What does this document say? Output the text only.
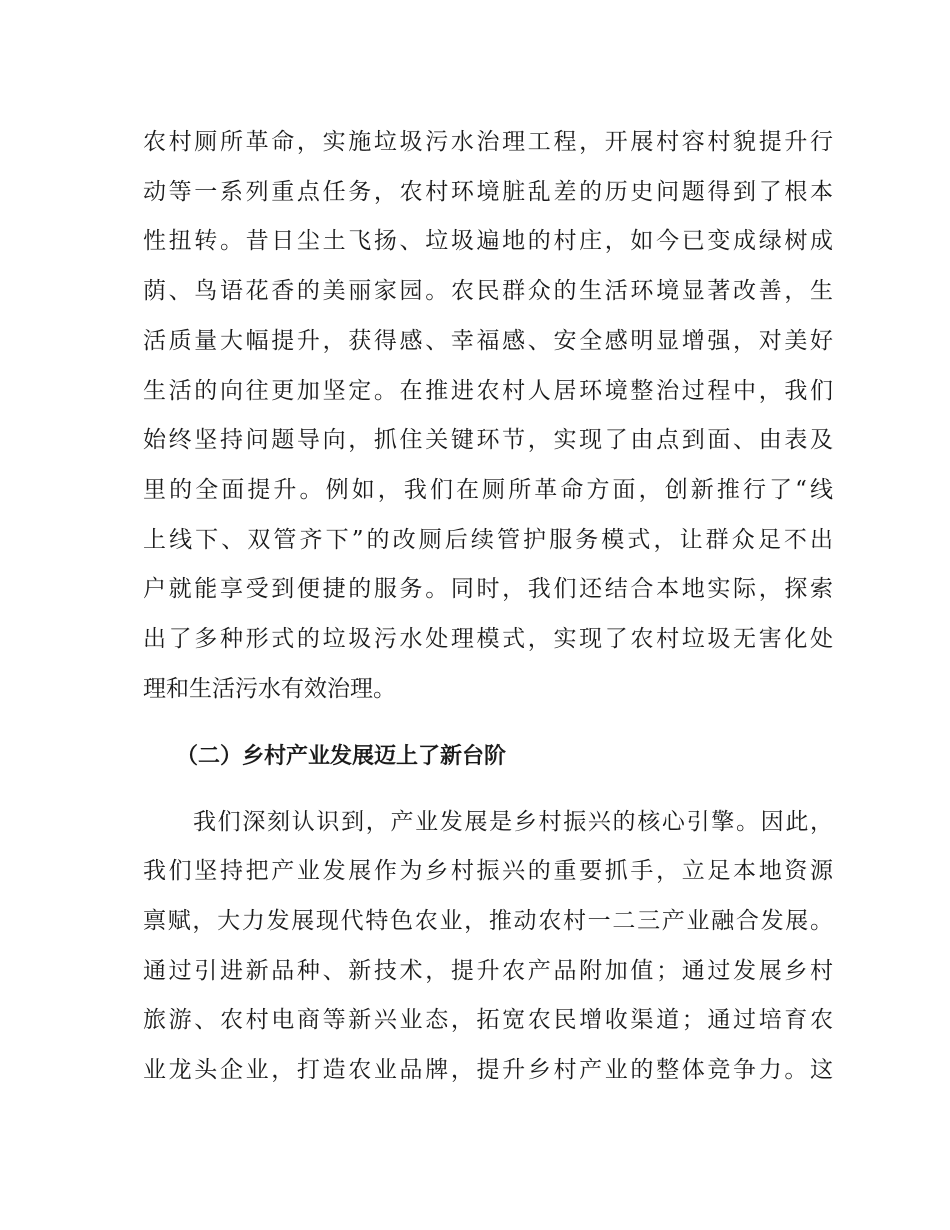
农村厕所革命，实施垃圾污水治理工程，开展村容村貌提升行

动等一系列重点任务，农村环境脏乱差的历史问题得到了根本

性扭转。昔日尘土飞扬、垃圾遍地的村庄，如今已变成绿树成

荫、鸟语花香的美丽家园。农民群众的生活环境显著改善，生

活质量大幅提升，获得感、幸福感、安全感明显增强，对美好

生活的向往更加坚定。在推进农村人居环境整治过程中，我们

始终坚持问题导向，抓住关键环节，实现了由点到面、由表及

里的全面提升。例如，我们在厕所革命方面，创新推行了“线

上线下、双管齐下”的改厕后续管护服务模式，让群众足不出

户就能享受到便捷的服务。同时，我们还结合本地实际，探索

出了多种形式的垃圾污水处理模式，实现了农村垃圾无害化处

理和生活污水有效治理。

（二）乡村产业发展迈上了新台阶

我们深刻认识到，产业发展是乡村振兴的核心引擎。因此，

我们坚持把产业发展作为乡村振兴的重要抓手，立足本地资源

禀赋，大力发展现代特色农业，推动农村一二三产业融合发展。

通过引进新品种、新技术，提升农产品附加值；通过发展乡村

旅游、农村电商等新兴业态，拓宽农民增收渠道；通过培育农

业龙头企业，打造农业品牌，提升乡村产业的整体竞争力。这
